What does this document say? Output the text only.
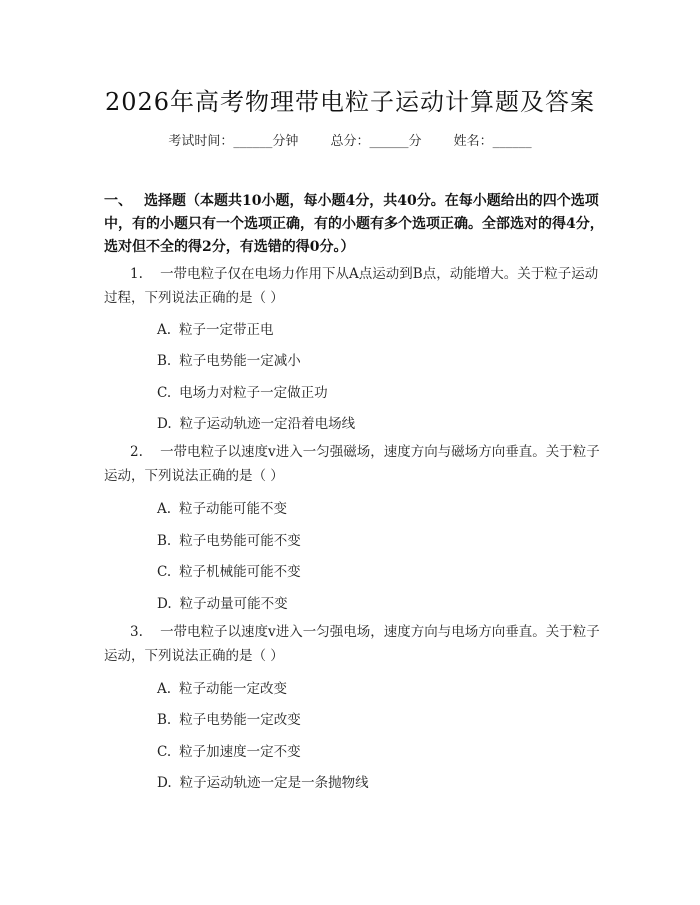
2026年高考物理带电粒子运动计算题及答案
考试时间：______分钟 总分：______分 姓名：______
一、 选择题（本题共10小题，每小题4分，共40分。在每小题给出的四个选项中，有的小题只有一个选项正确，有的小题有多个选项正确。全部选对的得4分，选对但不全的得2分，有选错的得0分。）
1. 一带电粒子仅在电场力作用下从A点运动到B点，动能增大。关于粒子运动过程，下列说法正确的是（ ）
A. 粒子一定带正电
B. 粒子电势能一定减小
C. 电场力对粒子一定做正功
D. 粒子运动轨迹一定沿着电场线
2. 一带电粒子以速度v进入一匀强磁场，速度方向与磁场方向垂直。关于粒子运动，下列说法正确的是（ ）
A. 粒子动能可能不变
B. 粒子电势能可能不变
C. 粒子机械能可能不变
D. 粒子动量可能不变
3. 一带电粒子以速度v进入一匀强电场，速度方向与电场方向垂直。关于粒子运动，下列说法正确的是（ ）
A. 粒子动能一定改变
B. 粒子电势能一定改变
C. 粒子加速度一定不变
D. 粒子运动轨迹一定是一条抛物线
